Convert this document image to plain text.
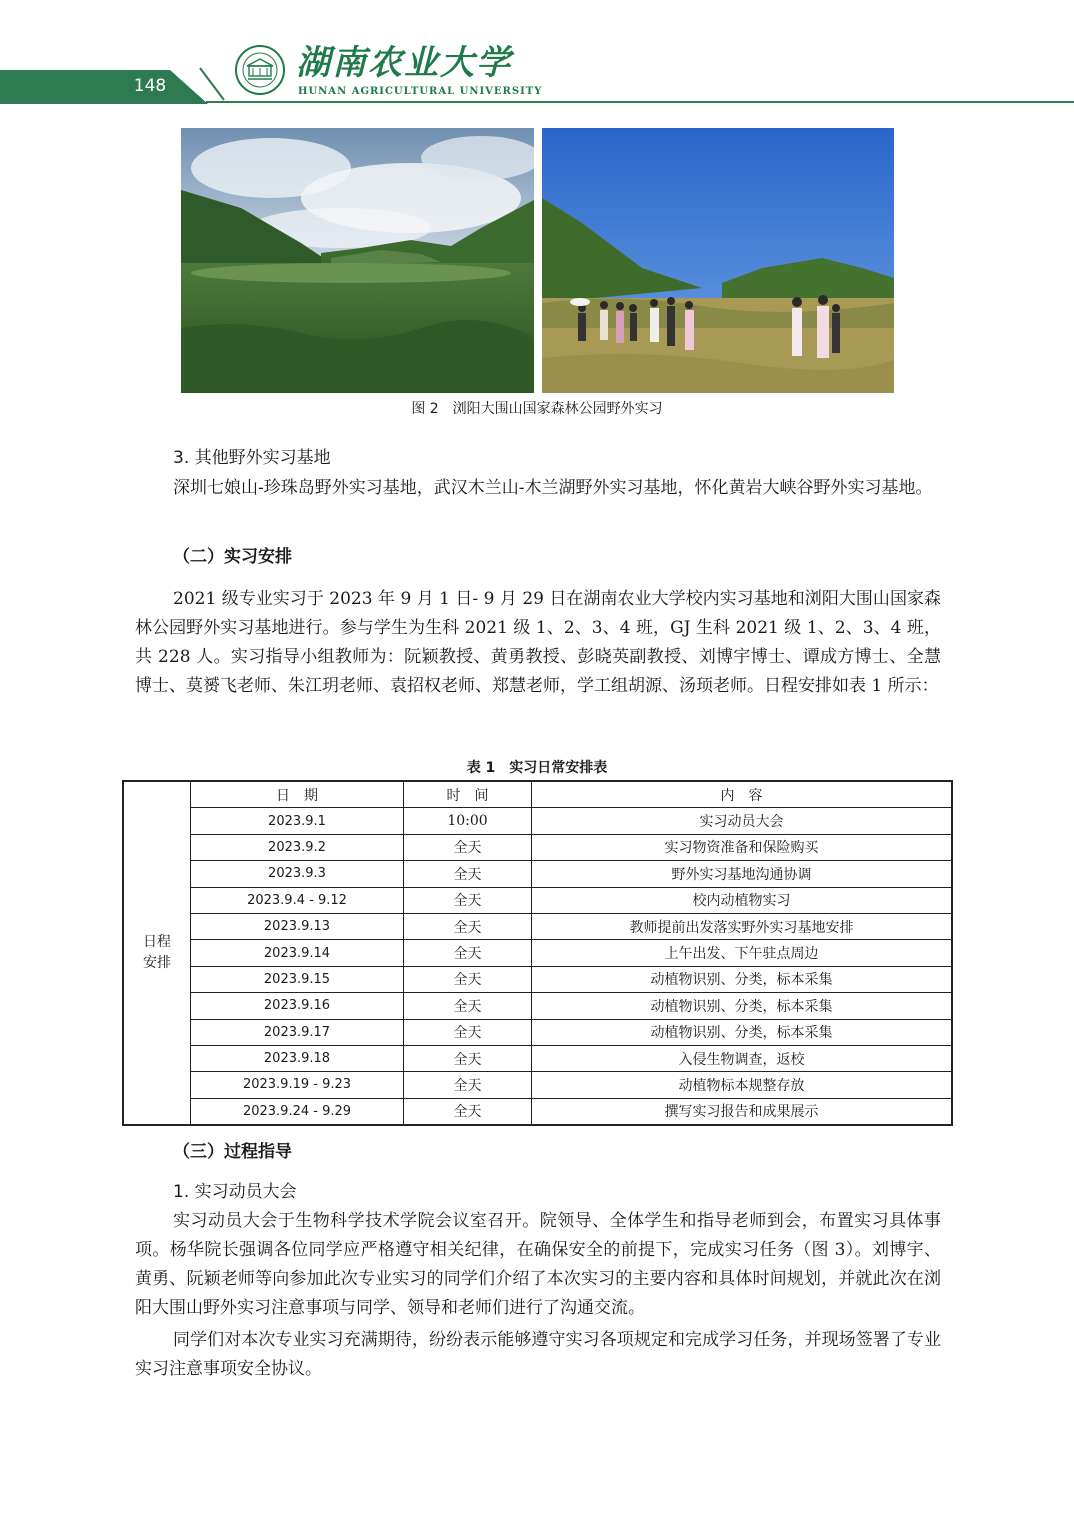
148
湖南农业大学
HUNAN AGRICULTURAL UNIVERSITY
图 2　浏阳大围山国家森林公园野外实习
3. 其他野外实习基地
深圳七娘山-珍珠岛野外实习基地，武汉木兰山-木兰湖野外实习基地，怀化黄岩大峡谷野外实习基地。
（二）实习安排
2021 级专业实习于 2023 年 9 月 1 日- 9 月 29 日在湖南农业大学校内实习基地和浏阳大围山国家森林公园野外实习基地进行。参与学生为生科 2021 级 1、2、3、4 班，GJ 生科 2021 级 1、2、3、4 班，共 228 人。实习指导小组教师为：阮颖教授、黄勇教授、彭晓英副教授、刘博宇博士、谭成方博士、全慧博士、莫赟飞老师、朱江玥老师、袁招权老师、郑慧老师，学工组胡源、汤顼老师。日程安排如表 1 所示：
表 1　实习日常安排表
日程
安排	日　期	时　间	内　容
	2023.9.1	10:00	实习动员大会
	2023.9.2	全天	实习物资准备和保险购买
	2023.9.3	全天	野外实习基地沟通协调
	2023.9.4 - 9.12	全天	校内动植物实习
	2023.9.13	全天	教师提前出发落实野外实习基地安排
	2023.9.14	全天	上午出发、下午驻点周边
	2023.9.15	全天	动植物识别、分类，标本采集
	2023.9.16	全天	动植物识别、分类，标本采集
	2023.9.17	全天	动植物识别、分类，标本采集
	2023.9.18	全天	入侵生物调查，返校
	2023.9.19 - 9.23	全天	动植物标本规整存放
	2023.9.24 - 9.29	全天	撰写实习报告和成果展示
（三）过程指导
1. 实习动员大会
实习动员大会于生物科学技术学院会议室召开。院领导、全体学生和指导老师到会，布置实习具体事项。杨华院长强调各位同学应严格遵守相关纪律，在确保安全的前提下，完成实习任务（图 3）。刘博宇、黄勇、阮颖老师等向参加此次专业实习的同学们介绍了本次实习的主要内容和具体时间规划，并就此次在浏阳大围山野外实习注意事项与同学、领导和老师们进行了沟通交流。
同学们对本次专业实习充满期待，纷纷表示能够遵守实习各项规定和完成学习任务，并现场签署了专业实习注意事项安全协议。
